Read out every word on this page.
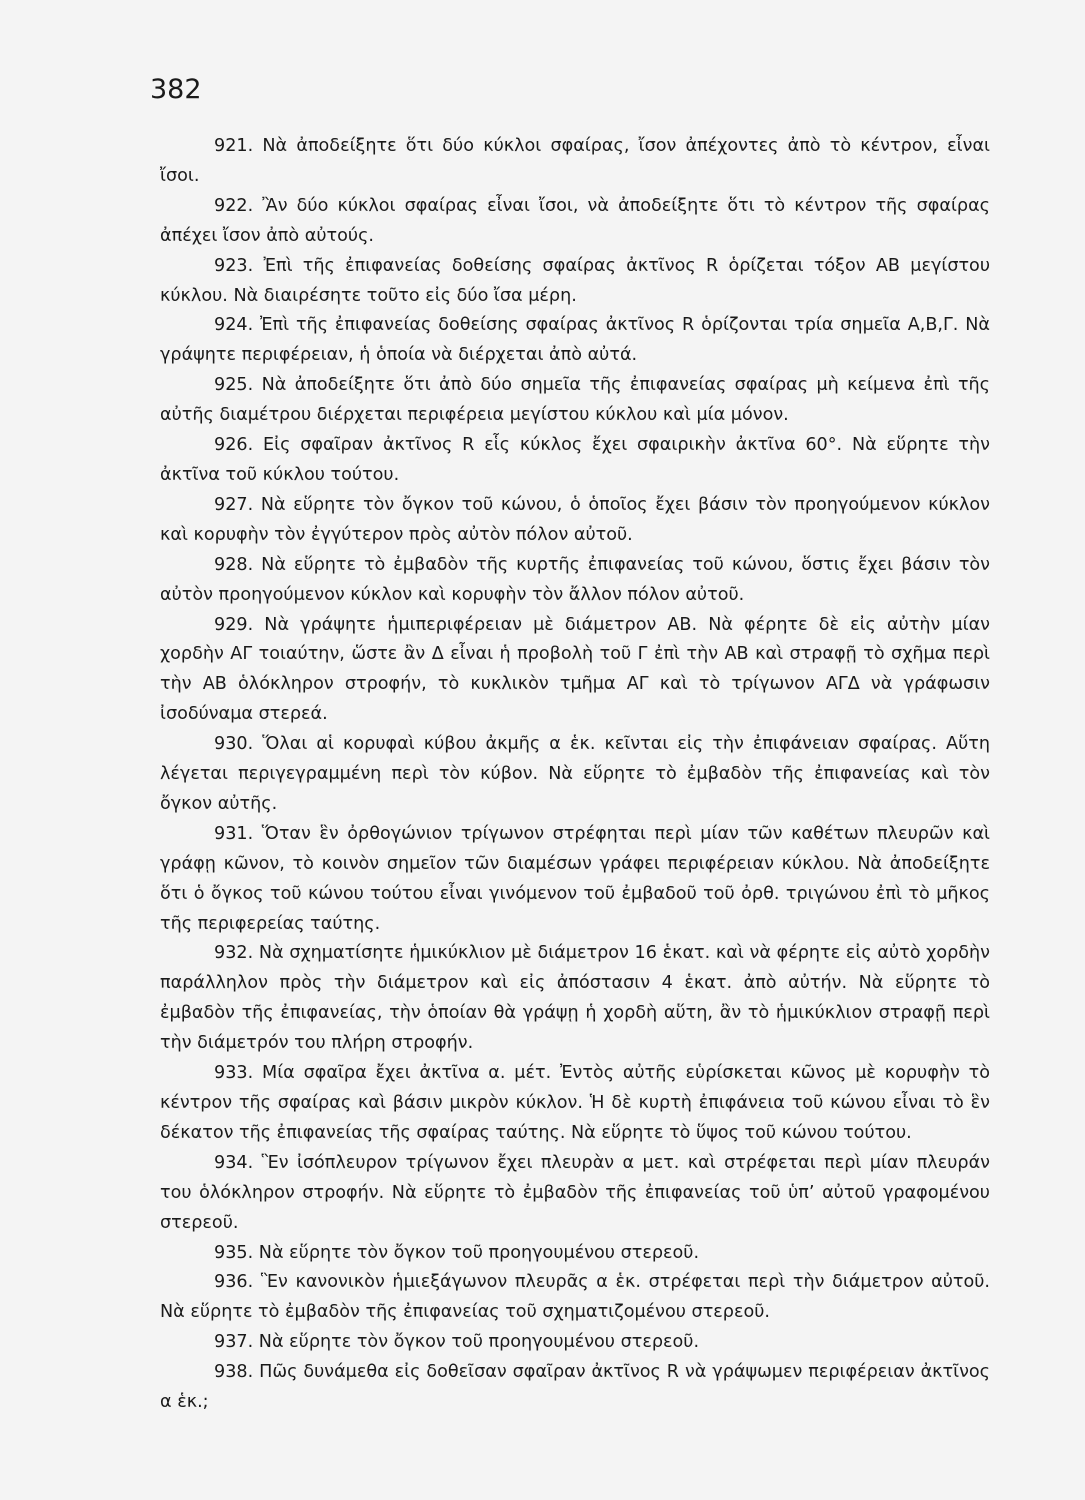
382

921. Νὰ ἀποδείξητε ὅτι δύο κύκλοι σφαίρας, ἴσον ἀπέχοντες ἀπὸ τὸ κέντρον, εἶναι ἴσοι.

922. Ἂν δύο κύκλοι σφαίρας εἶναι ἴσοι, νὰ ἀποδείξητε ὅτι τὸ κέντρον τῆς σφαίρας ἀπέχει ἴσον ἀπὸ αὐτούς.

923. Ἐπὶ τῆς ἐπιφανείας δοθείσης σφαίρας ἀκτῖνος R ὁρίζεται τόξον ΑΒ μεγίστου κύκλου. Νὰ διαιρέσητε τοῦτο εἰς δύο ἴσα μέρη.

924. Ἐπὶ τῆς ἐπιφανείας δοθείσης σφαίρας ἀκτῖνος R ὁρίζονται τρία σημεῖα Α,Β,Γ. Νὰ γράψητε περιφέρειαν, ἡ ὁποία νὰ διέρχεται ἀπὸ αὐτά.

925. Νὰ ἀποδείξητε ὅτι ἀπὸ δύο σημεῖα τῆς ἐπιφανείας σφαίρας μὴ κείμενα ἐπὶ τῆς αὐτῆς διαμέτρου διέρχεται περιφέρεια μεγίστου κύκλου καὶ μία μόνον.

926. Εἰς σφαῖραν ἀκτῖνος R εἷς κύκλος ἔχει σφαιρικὴν ἀκτῖνα 60°. Νὰ εὕρητε τὴν ἀκτῖνα τοῦ κύκλου τούτου.

927. Νὰ εὕρητε τὸν ὄγκον τοῦ κώνου, ὁ ὁποῖος ἔχει βάσιν τὸν προηγούμενον κύκλον καὶ κορυφὴν τὸν ἐγγύτερον πρὸς αὐτὸν πόλον αὐτοῦ.

928. Νὰ εὕρητε τὸ ἐμβαδὸν τῆς κυρτῆς ἐπιφανείας τοῦ κώνου, ὅστις ἔχει βάσιν τὸν αὐτὸν προηγούμενον κύκλον καὶ κορυφὴν τὸν ἄλλον πόλον αὐτοῦ.

929. Νὰ γράψητε ἡμιπεριφέρειαν μὲ διάμετρον ΑΒ. Νὰ φέρητε δὲ εἰς αὐτὴν μίαν χορδὴν ΑΓ τοιαύτην, ὥστε ἂν Δ εἶναι ἡ προβολὴ τοῦ Γ ἐπὶ τὴν ΑΒ καὶ στραφῇ τὸ σχῆμα περὶ τὴν ΑΒ ὁλόκληρον στροφήν, τὸ κυκλικὸν τμῆμα ΑΓ καὶ τὸ τρίγωνον ΑΓΔ νὰ γράφωσιν ἰσοδύναμα στερεά.

930. Ὅλαι αἱ κορυφαὶ κύβου ἀκμῆς α ἑκ. κεῖνται εἰς τὴν ἐπιφάνειαν σφαίρας. Αὕτη λέγεται περιγεγραμμένη περὶ τὸν κύβον. Νὰ εὕρητε τὸ ἐμβαδὸν τῆς ἐπιφανείας καὶ τὸν ὄγκον αὐτῆς.

931. Ὅταν ἓν ὀρθογώνιον τρίγωνον στρέφηται περὶ μίαν τῶν καθέτων πλευρῶν καὶ γράφῃ κῶνον, τὸ κοινὸν σημεῖον τῶν διαμέσων γράφει περιφέρειαν κύκλου. Νὰ ἀποδείξητε ὅτι ὁ ὄγκος τοῦ κώνου τούτου εἶναι γινόμενον τοῦ ἐμβαδοῦ τοῦ ὀρθ. τριγώνου ἐπὶ τὸ μῆκος τῆς περιφερείας ταύτης.

932. Νὰ σχηματίσητε ἡμικύκλιον μὲ διάμετρον 16 ἑκατ. καὶ νὰ φέρητε εἰς αὐτὸ χορδὴν παράλληλον πρὸς τὴν διάμετρον καὶ εἰς ἀπόστασιν 4 ἑκατ. ἀπὸ αὐτήν. Νὰ εὕρητε τὸ ἐμβαδὸν τῆς ἐπιφανείας, τὴν ὁποίαν θὰ γράψῃ ἡ χορδὴ αὕτη, ἂν τὸ ἡμικύκλιον στραφῇ περὶ τὴν διάμετρόν του πλήρη στροφήν.

933. Μία σφαῖρα ἔχει ἀκτῖνα α. μέτ. Ἐντὸς αὐτῆς εὑρίσκεται κῶνος μὲ κορυφὴν τὸ κέντρον τῆς σφαίρας καὶ βάσιν μικρὸν κύκλον. Ἡ δὲ κυρτὴ ἐπιφάνεια τοῦ κώνου εἶναι τὸ ἓν δέκατον τῆς ἐπιφανείας τῆς σφαίρας ταύτης. Νὰ εὕρητε τὸ ὕψος τοῦ κώνου τούτου.

934. Ἓν ἰσόπλευρον τρίγωνον ἔχει πλευρὰν α μετ. καὶ στρέφεται περὶ μίαν πλευράν του ὁλόκληρον στροφήν. Νὰ εὕρητε τὸ ἐμβαδὸν τῆς ἐπιφανείας τοῦ ὑπ’ αὐτοῦ γραφομένου στερεοῦ.

935. Νὰ εὕρητε τὸν ὄγκον τοῦ προηγουμένου στερεοῦ.

936. Ἓν κανονικὸν ἡμιεξάγωνον πλευρᾶς α ἑκ. στρέφεται περὶ τὴν διάμετρον αὐτοῦ. Νὰ εὕρητε τὸ ἐμβαδὸν τῆς ἐπιφανείας τοῦ σχηματιζομένου στερεοῦ.

937. Νὰ εὕρητε τὸν ὄγκον τοῦ προηγουμένου στερεοῦ.

938. Πῶς δυνάμεθα εἰς δοθεῖσαν σφαῖραν ἀκτῖνος R νὰ γράψωμεν περιφέρειαν ἀκτῖνος α ἑκ.;
